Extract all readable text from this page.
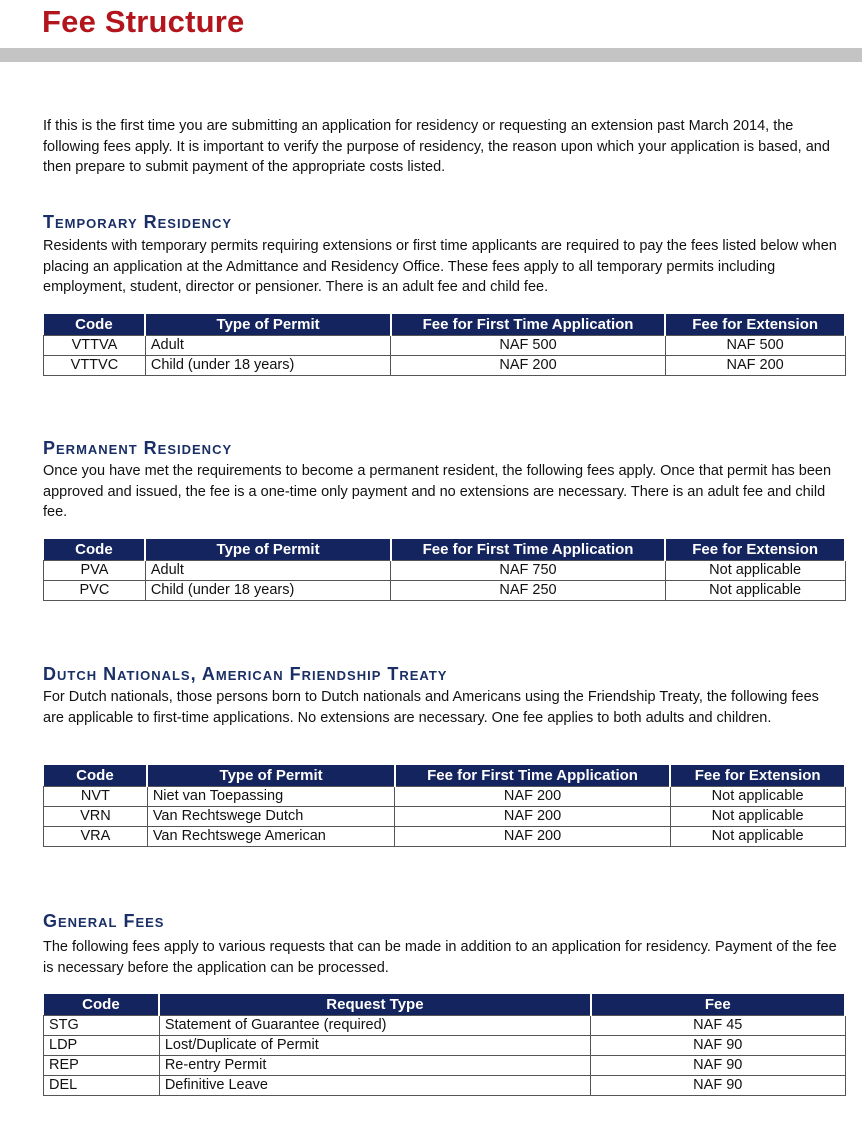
Fee Structure

If this is the first time you are submitting an application for residency or requesting an extension past March 2014, the following fees apply. It is important to verify the purpose of residency, the reason upon which your application is based, and then prepare to submit payment of the appropriate costs listed.

Temporary Residency

Residents with temporary permits requiring extensions or first time applicants are required to pay the fees listed below when placing an application at the Admittance and Residency Office. These fees apply to all temporary permits including employment, student, director or pensioner. There is an adult fee and child fee.

Code	Type of Permit	Fee for First Time Application	Fee for Extension
VTTVA	Adult	NAF 500	NAF 500
VTTVC	Child (under 18 years)	NAF 200	NAF 200
Permanent Residency

Once you have met the requirements to become a permanent resident, the following fees apply. Once that permit has been approved and issued, the fee is a one-time only payment and no extensions are necessary. There is an adult fee and child fee.

Code	Type of Permit	Fee for First Time Application	Fee for Extension
PVA	Adult	NAF 750	Not applicable
PVC	Child (under 18 years)	NAF 250	Not applicable
Dutch Nationals, American Friendship Treaty

For Dutch nationals, those persons born to Dutch nationals and Americans using the Friendship Treaty, the following fees are applicable to first-time applications. No extensions are necessary. One fee applies to both adults and children.

Code	Type of Permit	Fee for First Time Application	Fee for Extension
NVT	Niet van Toepassing	NAF 200	Not applicable
VRN	Van Rechtswege Dutch	NAF 200	Not applicable
VRA	Van Rechtswege American	NAF 200	Not applicable
General Fees

The following fees apply to various requests that can be made in addition to an application for residency. Payment of the fee is necessary before the application can be processed.

Code	Request Type	Fee
STG	Statement of Guarantee (required)	NAF 45
LDP	Lost/Duplicate of Permit	NAF 90
REP	Re-entry Permit	NAF 90
DEL	Definitive Leave	NAF 90
